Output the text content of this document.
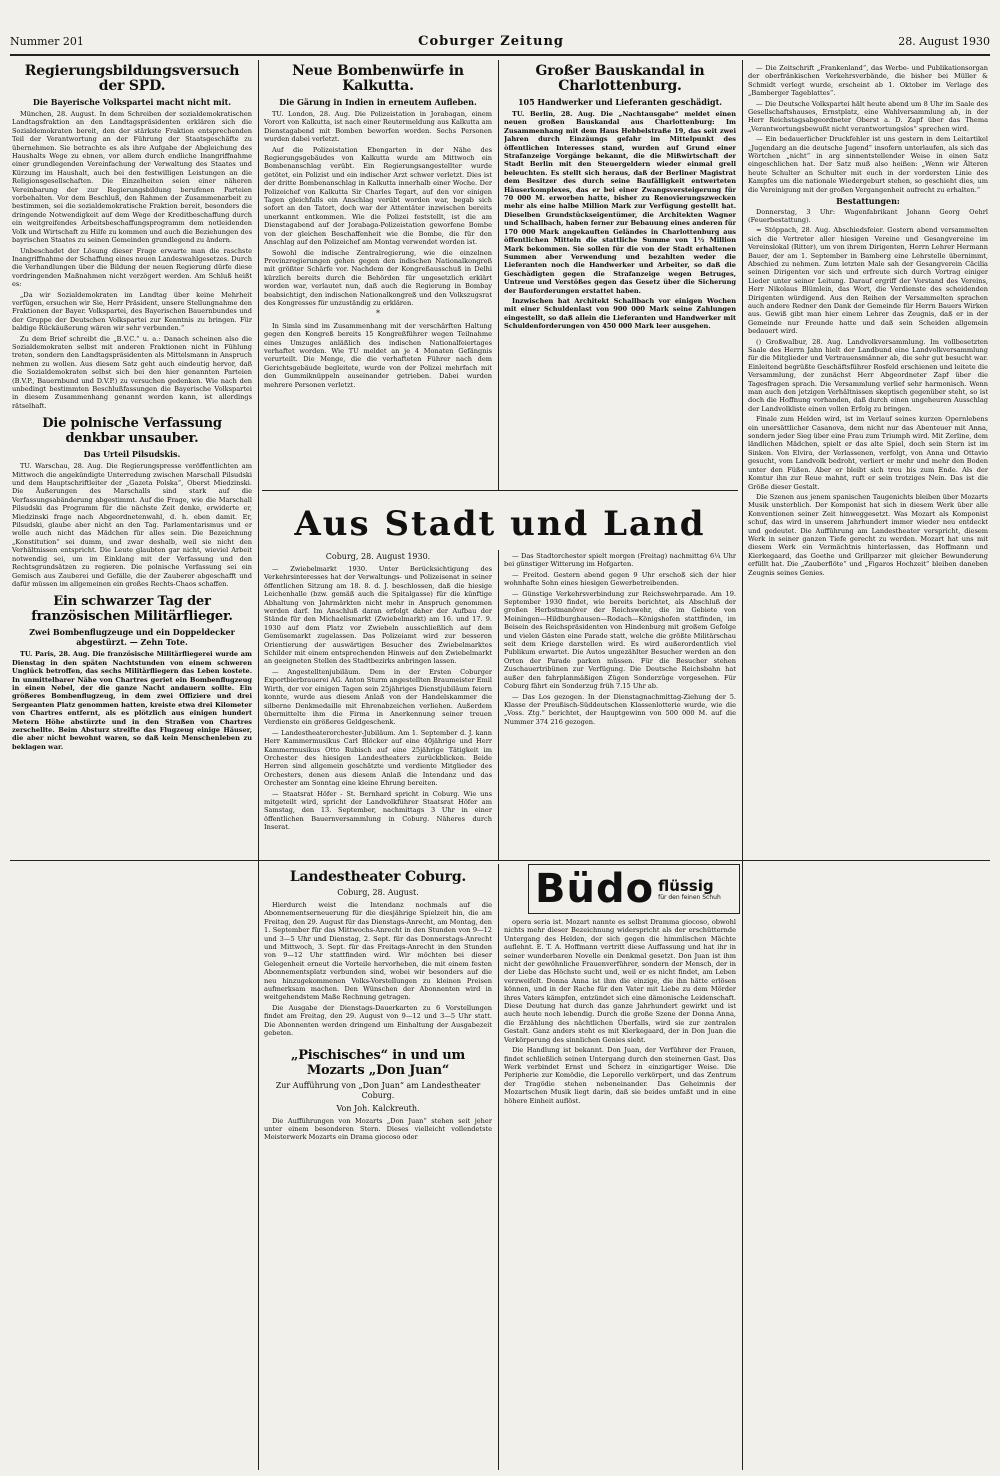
Nummer 201	Coburger Zeitung	28. August 1930
Regierungsbildungsversuch der SPD.
Die Bayerische Volkspartei macht nicht mit.

München, 28. August. In dem Schreiben der sozialdemokratischen Landtagsfraktion an den Landtagspräsidenten erklären sich die Sozialdemokraten bereit, den der stärkste Fraktion entsprechenden Teil der Verantwortung an der Führung der Staatsgeschäfte zu übernehmen. Sie betrachte es als ihre Aufgabe der Abgleichung des Haushalts Wege zu ebnen, vor allem durch endliche Inangriffnahme einer grundlegenden Vereinfachung der Verwaltung des Staates und Kürzung im Haushalt, auch bei den festwilligen Leistungen an die Religionsgesellschaften. Die Einzelheiten seien einer näheren Vereinbarung der zur Regierungsbildung berufenen Parteien vorbehalten. Vor dem Beschluß, den Rahmen der Zusammenarbeit zu bestimmen, sei die sozialdemokratische Fraktion bereit, besonders die dringende Notwendigkeit auf dem Wege der Kreditbeschaffung durch ein weitgreifendes Arbeitsbeschaffungsprogramm dem notleidenden Volk und Wirtschaft zu Hilfe zu kommen und auch die Beziehungen des bayrischen Staates zu seinen Gemeinden grundlegend zu ändern.

Unbeschadet der Lösung dieser Frage erwarte man die raschste Inangriffnahme der Schaffung eines neuen Landeswahlgesetzes. Durch die Verhandlungen über die Bildung der neuen Regierung dürfe diese vordringenden Maßnahmen nicht verzögert werden. Am Schluß heißt es:

„Da wir Sozialdemokraten im Landtag über keine Mehrheit verfügen, ersuchen wir Sie, Herr Präsident, unsere Stellungnahme den Fraktionen der Bayer. Volkspartei, des Bayerischen Bauernbundes und der Gruppe der Deutschen Volkspartei zur Kenntnis zu bringen. Für baldige Rückäußerung wären wir sehr verbunden.“

Zu dem Brief schreibt die „B.V.C.“ u. a.: Danach scheinen also die Sozialdemokraten selbst mit anderen Fraktionen nicht in Fühlung treten, sondern den Landtagspräsidenten als Mittelsmann in Anspruch nehmen zu wollen. Aus diesem Satz geht auch eindeutig hervor, daß die Sozialdemokraten selbst sich bei den hier genannten Parteien (B.V.P., Bauernbund und D.V.P.) zu versuchen gedenken. Wie nach den unbedingt bestimmten Beschlußfassungen die Bayerische Volkspartei in diesem Zusammenhang genannt werden kann, ist allerdings rätselhaft.

Die polnische Verfassung denkbar unsauber.
Das Urteil Pilsudskis.

TU. Warschau, 28. Aug. Die Regierungspresse veröffentlichten am Mittwoch die angekündigte Unterredung zwischen Marschall Pilsudski und dem Hauptschriftleiter der „Gazeta Polska“, Oberst Miedzinski. Die Äußerungen des Marschalls sind stark auf die Verfassungsabänderung abgestimmt. Auf die Frage, wie die Marschall Pilsudski das Programm für die nächste Zeit denke, erwiderte er, Miedzinski frage nach Abgeordnetenwahl, d. h. eben damit. Er, Pilsudski, glaube aber nicht an den Tag. Parlamentarismus und er wolle auch nicht das Mädchen für alles sein. Die Bezeichnung „Konstitution“ sei dumm, und zwar deshalb, weil sie nicht den Verhältnissen entspricht. Die Leute glaubten gar nicht, wieviel Arbeit notwendig sei, um im Einklang mit der Verfassung und den Rechtsgrundsätzen zu regieren. Die polnische Verfassung sei ein Gemisch aus Zauberei und Gefälle, die der Zauberer abgeschafft und dafür müssen im allgemeinen ein großes Rechts-Chaos schaffen.

Ein schwarzer Tag der französischen Militärflieger.
Zwei Bombenflugzeuge und ein Doppeldecker abgestürzt. — Zehn Tote.

TU. Paris, 28. Aug. Die französische Militärfliegerei wurde am Dienstag in den späten Nachtstunden von einem schweren Unglück betroffen, das sechs Militärfliegern das Leben kostete. In unmittelbarer Nähe von Chartres geriet ein Bombenflugzeug in einen Nebel, der die ganze Nacht andauern sollte. Ein größeres Bombenflugzeug, in dem zwei Offiziere und drei Sergeanten Platz genommen hatten, kreiste etwa drei Kilometer von Chartres entfernt, als es plötzlich aus einigen hundert Metern Höhe abstürzte und in den Straßen von Chartres zerschellte. Beim Absturz streifte das Flugzeug einige Häuser, die aber nicht bewohnt waren, so daß kein Menschenleben zu beklagen war.

Neue Bombenwürfe in Kalkutta.
Die Gärung in Indien in erneutem Aufleben.

TU. London, 28. Aug. Die Polizeistation in Jorabagan, einem Vorort von Kalkutta, ist nach einer Reutermeldung aus Kalkutta am Dienstagabend mit Bomben beworfen worden. Sechs Personen wurden dabei verletzt.

Auf die Polizeistation Ebengarten in der Nähe des Regierungsgebäudes von Kalkutta wurde am Mittwoch ein Bombenanschlag verübt. Ein Regierungsangestellter wurde getötet, ein Polizist und ein indischer Arzt schwer verletzt. Dies ist der dritte Bombenanschlag in Kalkutta innerhalb einer Woche. Der Polizeichef von Kalkutta Sir Charles Tegart, auf den vor einigen Tagen gleichfalls ein Anschlag verübt worden war, begab sich sofort an den Tatort, doch war der Attentäter inzwischen bereits unerkannt entkommen. Wie die Polizei feststellt, ist die am Dienstagabend auf der Jorabaga-Polizeistation geworfene Bombe von der gleichen Beschaffenheit wie die Bombe, die für den Anschlag auf den Polizeichef am Montag verwendet worden ist.

Sowohl die indische Zentralregierung, wie die einzelnen Provinzregierungen gehen gegen den indischen Nationalkongreß mit größter Schärfe vor. Nachdem der Kongreßausschuß in Delhi kürzlich bereits durch die Behörden für ungesetzlich erklärt worden war, verlautet nun, daß auch die Regierung in Bombay beabsichtigt, den indischen Nationalkongreß und den Volkszugsrat des Kongresses für unzuständig zu erklären.

*

In Simla sind im Zusammenhang mit der verschärften Haltung gegen den Kongreß bereits 15 Kongreßführer wegen Teilnahme eines Umzuges anläßlich des indischen Nationalfeiertages verhaftet worden. Wie TU meldet an je 4 Monaten Gefängnis verurteilt. Die Menge, die die verhafteten Führer nach dem Gerichtsgebäude begleitete, wurde von der Polizei mehrfach mit den Gummiknüppeln auseinander getrieben. Dabei wurden mehrere Personen verletzt.

Großer Bauskandal in Charlottenburg.
105 Handwerker und Lieferanten geschädigt.

TU. Berlin, 28. Aug. Die „Nachtausgabe“ meldet einen neuen großen Bauskandal aus Charlottenburg: Im Zusammenhang mit dem Haus Hebbelstraße 19, das seit zwei Jahren durch Einzäungs gefahr im Mittelpunkt des öffentlichen Interesses stand, wurden auf Grund einer Strafanzeige Vorgänge bekannt, die die Mißwirtschaft der Stadt Berlin mit den Steuergeldern wieder einmal grell beleuchten. Es stellt sich heraus, daß der Berliner Magistrat dem Besitzer des durch seine Baufälligkeit entwerteten Häuserkomplexes, das er bei einer Zwangsversteigerung für 70 000 M. erworben hatte, bisher zu Renovierungszwecken mehr als eine halbe Million Mark zur Verfügung gestellt hat. Dieselben Grundstückseigentümer, die Architekten Wagner und Schallbach, haben ferner zur Bebauung eines anderen für 170 000 Mark angekauften Geländes in Charlottenburg aus öffentlichen Mitteln die stattliche Summe von 1½ Million Mark bekommen. Sie sollen für die von der Stadt erhaltenen Summen aber Verwendung und bezahlten weder die Lieferanten noch die Handwerker und Arbeiter, so daß die Geschädigten gegen die Strafanzeige wegen Betruges, Untreue und Verstößes gegen das Gesetz über die Sicherung der Bauforderungen erstattet haben.

Inzwischen hat Architekt Schallbach vor einigen Wochen mit einer Schuldenlast von 900 000 Mark seine Zahlungen eingestellt, so daß allein die Lieferanten und Handwerker mit Schuldenforderungen von 450 000 Mark leer ausgehen.

— Die Zeitschrift „Frankenland“, das Werbe- und Publikationsorgan der oberfränkischen Verkehrsverbände, die bisher bei Müller & Schmidt verlegt wurde, erscheint ab 1. Oktober im Verlage des „Bamberger Tageblattes“.

— Die Deutsche Volkspartei hält heute abend um 8 Uhr im Saale des Gesellschaftshauses, Ernstplatz, eine Wahlversammlung ab, in der Herr Reichstagsabgeordneter Oberst a. D. Zapf über das Thema „Verantwortungsbewußt nicht verantwortungslos“ sprechen wird.

— Ein bedauerlicher Druckfehler ist uns gestern in dem Leitartikel „Jugendarg an die deutsche Jugend“ insofern unterlaufen, als sich das Wörtchen „nicht“ in arg sinnentstellender Weise in einen Satz eingeschlichen hat. Der Satz muß also heißen: „Wenn wir Älteren heute Schulter an Schulter mit euch in der vordersten Linie des Kampfes um die nationale Wiedergeburt stehen, so geschieht dies, um die Vereinigung mit der großen Vergangenheit aufrecht zu erhalten.“

Bestattungen:

Donnerstag, 3 Uhr: Wagenfabrikant Johann Georg Oehrl (Feuerbestattung).

= Stöppach, 28. Aug. Abschiedsfeier. Gestern abend versammelten sich die Vertreter aller hiesigen Vereine und Gesangvereine im Vereinslokal (Ritter), um von ihrem Dirigenten, Herrn Lehrer Hermann Bauer, der am 1. September in Bamberg eine Lehrstelle übernimmt, Abschied zu nehmen. Zum letzten Male sah der Gesangverein Cäcilia seinen Dirigenten vor sich und erfreute sich durch Vortrag einiger Lieder unter seiner Leitung. Darauf ergriff der Vorstand des Vereins, Herr Nikolaus Blümlein, das Wort, die Verdienste des scheidenden Dirigenten würdigend. Aus den Reihen der Versammelten sprachen auch andere Redner den Dank der Gemeinde für Herrn Bauers Wirken aus. Gewiß gibt man hier einem Lehrer das Zeugnis, daß er in der Gemeinde nur Freunde hatte und daß sein Scheiden allgemein bedauert wird.

() Großwalbur, 28. Aug. Landvolkversammlung. Im vollbesetzten Saale des Herrn Jahn hielt der Landbund eine Landvolkversammlung für die Mitglieder und Vertrauensmänner ab, die sehr gut besucht war. Einleitend begrüßte Geschäftsführer Rosfeld erschienen und leitete die Versammlung, der zunächst Herr Abgeordneter Zapf über die Tagesfragen sprach. Die Versammlung verlief sehr harmonisch. Wenn man auch den jetzigen Verhältnissen skeptisch gegenüber steht, so ist doch die Hoffnung vorhanden, daß durch einen ungeheuren Ausschlag der Landvolkliste einen vollen Erfolg zu bringen.

Finale zum Helden wird, ist im Verlauf seines kurzen Opernlebens ein unersättlicher Casanova, dem nicht nur das Abenteuer mit Anna, sondern jeder Sieg über eine Frau zum Triumph wird. Mit Zerline, dem ländlichen Mädchen, spielt er das alte Spiel, doch sein Stern ist im Sinken. Von Elvira, der Verlassenen, verfolgt, von Anna und Ottavio gesucht, vom Landvolk bedroht, verliert er mehr und mehr den Boden unter den Füßen. Aber er bleibt sich treu bis zum Ende. Als der Komtur ihn zur Reue mahnt, ruft er sein trotziges Nein. Das ist die Größe dieser Gestalt.

Die Szenen aus jenem spanischen Taugenichts bleiben über Mozarts Musik unsterblich. Der Komponist hat sich in diesem Werk über alle Konventionen seiner Zeit hinweggesetzt. Was Mozart als Komponist schuf, das wird in unserem Jahrhundert immer wieder neu entdeckt und gedeutet. Die Aufführung am Landestheater verspricht, diesem Werk in seiner ganzen Tiefe gerecht zu werden. Mozart hat uns mit diesem Werk ein Vermächtnis hinterlassen, das Hoffmann und Kierkegaard, das Goethe und Grillparzer mit gleicher Bewunderung erfüllt hat. Die „Zauberflöte“ und „Figaros Hochzeit“ bleiben daneben Zeugnis seines Genies.

Aus Stadt und Land
Coburg, 28. August 1930.

— Zwiebelmarkt 1930. Unter Berücksichtigung des Verkehrsinteresses hat der Verwaltungs- und Polizeisenat in seiner öffentlichen Sitzung am 18. 8. d. J. beschlossen, daß die hiesige Leichenhalle (bzw. gemäß auch die Spitalgasse) für die künftige Abhaltung von Jahrmärkten nicht mehr in Anspruch genommen werden darf. Im Anschluß daran erfolgt daher der Aufbau der Stände für den Michaelismarkt (Zwiebelmarkt) am 16. und 17. 9. 1930 auf dem Platz vor Zwiebeln ausschließlich auf dem Gemüsemarkt zugelassen. Das Polizeiamt wird zur besseren Orientierung der auswärtigen Besucher des Zwiebelmarktes Schilder mit einem entsprechenden Hinweis auf den Zwiebelmarkt an geeigneten Stellen des Stadtbezirks anbringen lassen.

— Angestelltenjubiläum. Dem in der Ersten Coburger Exportbierbrauerei AG. Anton Sturm angestellten Braumeister Emil Wirth, der vor einigen Tagen sein 25jähriges Dienstjubiläum feiern konnte, wurde aus diesem Anlaß von der Handelskammer die silberne Denkmedaille mit Ehrenabzeichen verliehen. Außerdem übermittelte ihm die Firma in Anerkennung seiner treuen Verdienste ein größeres Geldgeschenk.

— Landestheaterorchester-Jubiläum. Am 1. September d. J. kann Herr Kammermusikus Carl Blöcker auf eine 40jährige und Herr Kammermusikus Otto Rubisch auf eine 25jährige Tätigkeit im Orchester des hiesigen Landestheaters zurückblicken. Beide Herren sind allgemein geschätzte und verdiente Mitglieder des Orchesters, denen aus diesem Anlaß die Intendanz und das Orchester am Sonntag eine kleine Ehrung bereiten.

— Staatsrat Höfer - St. Bernhard spricht in Coburg. Wie uns mitgeteilt wird, spricht der Landvolkführer Staatsrat Höfer am Samstag, den 13. September, nachmittags 3 Uhr in einer öffentlichen Bauernversammlung in Coburg. Näheres durch Inserat.

— Das Stadtorchester spielt morgen (Freitag) nachmittag 6¼ Uhr bei günstiger Witterung im Hofgarten.

— Freitod. Gestern abend gegen 9 Uhr erschoß sich der hier wohnhafte Sohn eines hiesigen Gewerbetreibenden.

— Günstige Verkehrsverbindung zur Reichswehrparade. Am 19. September 1930 findet, wie bereits berichtet, als Abschluß der großen Herbstmanöver der Reichswehr, die im Gebiete von Meiningen—Hildburghausen—Rodach—Königshofen stattfinden, im Beisein des Reichspräsidenten von Hindenburg mit großem Gefolge und vielen Gästen eine Parade statt, welche die größte Militärschau seit dem Kriege darstellen wird. Es wird außerordentlich viel Publikum erwartet. Die Autos ungezählter Besucher werden an den Orten der Parade parken müssen. Für die Besucher stehen Zuschauertribünen zur Verfügung. Die Deutsche Reichsbahn hat außer den fahrplanmäßigen Zügen Sonderzüge vorgesehen. Für Coburg fährt ein Sonderzug früh 7.15 Uhr ab.

— Das Los gezogen. In der Dienstagnachmittag-Ziehung der 5. Klasse der Preußisch-Süddeutschen Klassenlotterie wurde, wie die „Voss. Ztg.“ berichtet, der Hauptgewinn von 500 000 M. auf die Nummer 374 216 gezogen.

Büdo flüssig
für den feinen Schuh
Landestheater Coburg.
Coburg, 28. August.

Hierdurch weist die Intendanz nochmals auf die Abonnementserneuerung für die diesjährige Spielzeit hin, die am Freitag, den 29. August für das Dienstags-Anrecht, am Montag, den 1. September für das Mittwochs-Anrecht in den Stunden von 9—12 und 3—5 Uhr und Dienstag, 2. Sept. für das Donnerstags-Anrecht und Mittwoch, 3. Sept. für das Freitags-Anrecht in den Stunden von 9—12 Uhr stattfinden wird. Wir möchten bei dieser Gelegenheit erneut die Vorteile hervorheben, die mit einem festen Abonnementsplatz verbunden sind, wobei wir besonders auf die neu hinzugekommenen Volks-Vorstellungen zu kleinen Preisen aufmerksam machen. Den Wünschen der Abonnenten wird in weitgehendstem Maße Rechnung getragen.

Die Ausgabe der Dienstags-Dauerkarten zu 6 Vorstellungen findet am Freitag, den 29. August von 9—12 und 3—5 Uhr statt. Die Abonnenten werden dringend um Einhaltung der Ausgabezeit gebeten.

„Pischisches“ in und um Mozarts „Don Juan“
Zur Aufführung von „Don Juan“ am Landestheater Coburg.
Von Joh. Kalckreuth.

Die Aufführungen von Mozarts „Don Juan“ stehen seit jeher unter einem besonderen Stern. Dieses vielleicht vollendetste Meisterwerk Mozarts ein Drama giocoso oder

opera seria ist. Mozart nannte es selbst Dramma giocoso, obwohl nichts mehr dieser Bezeichnung widerspricht als der erschütternde Untergang des Helden, der sich gegen die himmlischen Mächte auflehnt. E. T. A. Hoffmann vertritt diese Auffassung und hat ihr in seiner wunderbaren Novelle ein Denkmal gesetzt. Don Juan ist ihm nicht der gewöhnliche Frauenverführer, sondern der Mensch, der in der Liebe das Höchste sucht und, weil er es nicht findet, am Leben verzweifelt. Donna Anna ist ihm die einzige, die ihn hätte erlösen können, und in der Rache für den Vater mit Liebe zu dem Mörder ihres Vaters kämpfen, entzündet sich eine dämonische Leidenschaft. Diese Deutung hat durch das ganze Jahrhundert gewirkt und ist auch heute noch lebendig. Durch die große Szene der Donna Anna, die Erzählung des nächtlichen Überfalls, wird sie zur zentralen Gestalt. Ganz anders steht es mit Kierkegaard, der in Don Juan die Verkörperung des sinnlichen Genies sieht.

Die Handlung ist bekannt. Don Juan, der Verführer der Frauen, findet schließlich seinen Untergang durch den steinernen Gast. Das Werk verbindet Ernst und Scherz in einzigartiger Weise. Die Peripherie zur Komödie, die Leporello verkörpert, und das Zentrum der Tragödie stehen nebeneinander. Das Geheimnis der Mozartschen Musik liegt darin, daß sie beides umfaßt und in eine höhere Einheit auflöst.
